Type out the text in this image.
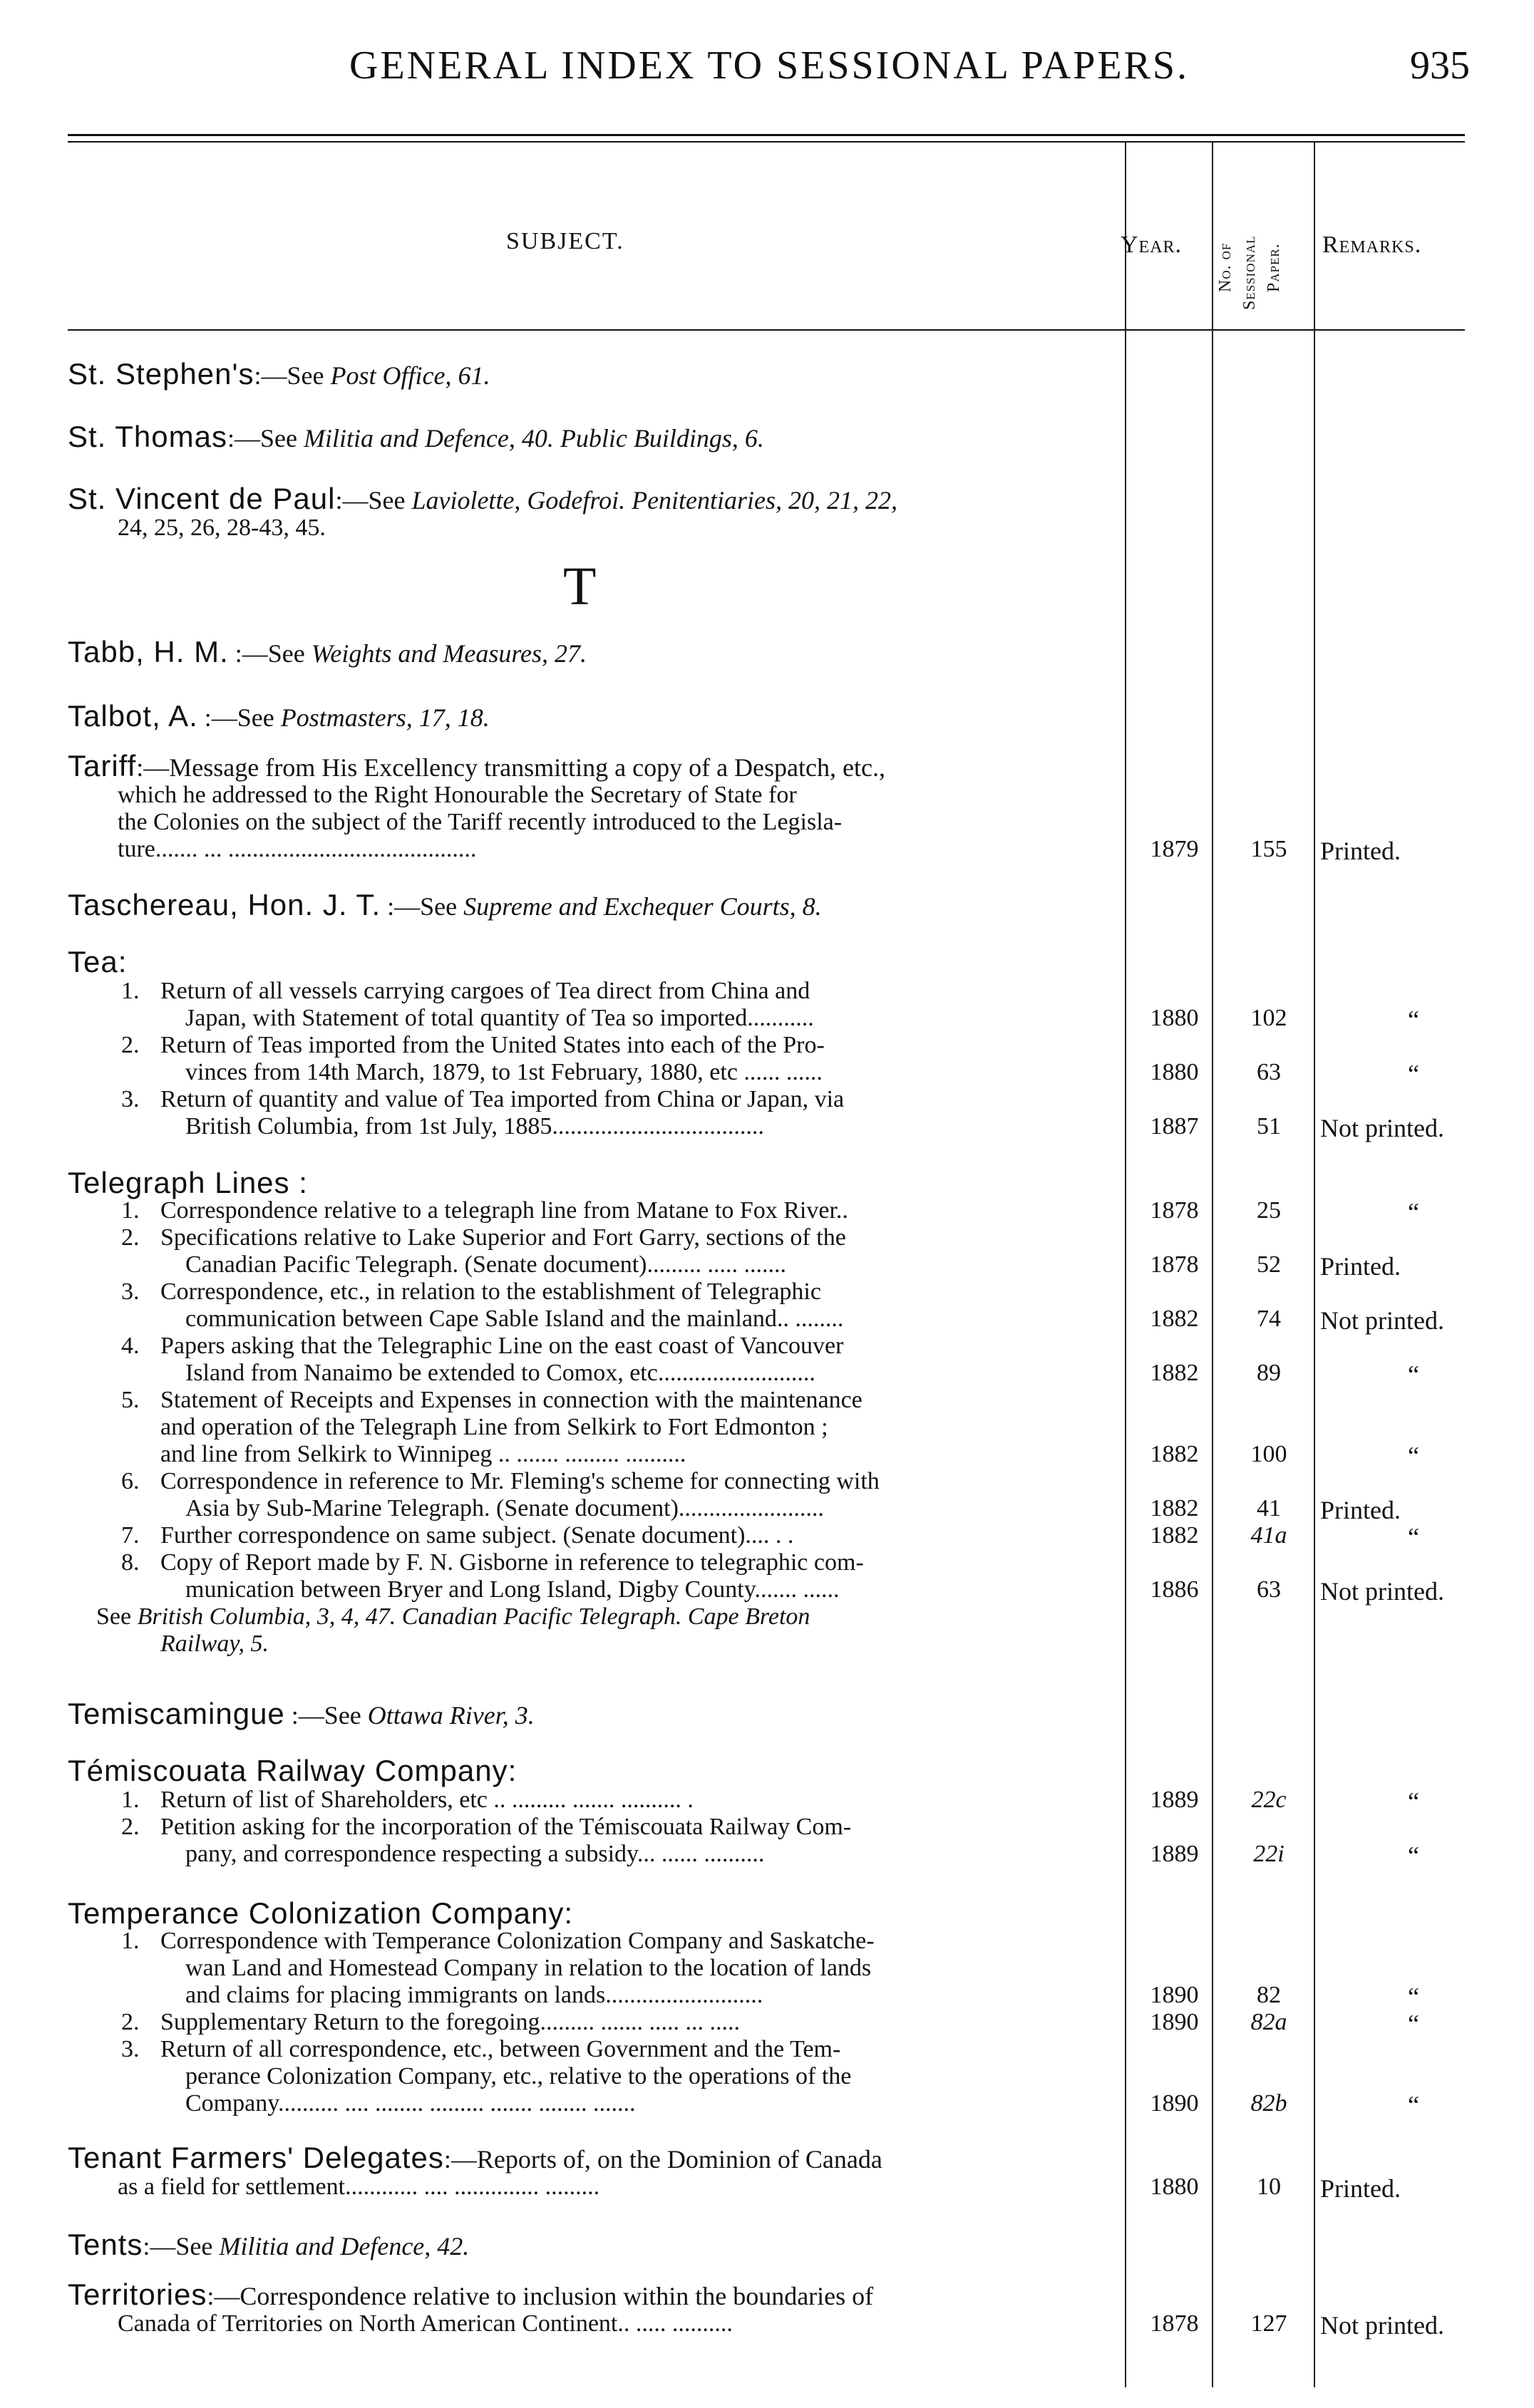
GENERAL INDEX TO SESSIONAL PAPERS.	935
SUBJECT.	Year. No. of Sessional Paper. Remarks.
St. Stephen's:—See Post Office, 61.
St. Thomas:—See Militia and Defence, 40. Public Buildings, 6.
St. Vincent de Paul:—See Laviolette, Godefroi. Penitentiaries, 20, 21, 22,
24, 25, 26, 28-43, 45.
T
Tabb, H. M. :—See Weights and Measures, 27.
Talbot, A. :—See Postmasters, 17, 18.
Tariff:—Message from His Excellency transmitting a copy of a Despatch, etc.,
which he addressed to the Right Honourable the Secretary of State for
the Colonies on the subject of the Tariff recently introduced to the Legisla-
ture....... ... .........................................	1879	155	Printed.
Taschereau, Hon. J. T. :—See Supreme and Exchequer Courts, 8.
Tea:
1. Return of all vessels carrying cargoes of Tea direct from China and
Japan, with Statement of total quantity of Tea so imported...........	1880	102	“
2. Return of Teas imported from the United States into each of the Pro-
vinces from 14th March, 1879, to 1st February, 1880, etc ...... ......	1880	63	“
3. Return of quantity and value of Tea imported from China or Japan, via
British Columbia, from 1st July, 1885...................................	1887	51	Not printed.
Telegraph Lines :
1. Correspondence relative to a telegraph line from Matane to Fox River..	1878	25	“
2. Specifications relative to Lake Superior and Fort Garry, sections of the
Canadian Pacific Telegraph. (Senate document)......... ..... .......	1878	52	Printed.
3. Correspondence, etc., in relation to the establishment of Telegraphic
communication between Cape Sable Island and the mainland.. ........	1882	74	Not printed.
4. Papers asking that the Telegraphic Line on the east coast of Vancouver
Island from Nanaimo be extended to Comox, etc..........................	1882	89	“
5. Statement of Receipts and Expenses in connection with the maintenance
and operation of the Telegraph Line from Selkirk to Fort Edmonton ;
and line from Selkirk to Winnipeg .. ....... ......... ..........	1882	100	“
6. Correspondence in reference to Mr. Fleming's scheme for connecting with
Asia by Sub-Marine Telegraph. (Senate document)........................	1882	41	Printed.
7. Further correspondence on same subject. (Senate document).... . .	1882	41a	“
8. Copy of Report made by F. N. Gisborne in reference to telegraphic com-
munication between Bryer and Long Island, Digby County....... ......	1886	63	Not printed.
See British Columbia, 3, 4, 47. Canadian Pacific Telegraph. Cape Breton
Railway, 5.
Temiscamingue :—See Ottawa River, 3.
Témiscouata Railway Company:
1. Return of list of Shareholders, etc .. ......... ....... .......... .	1889	22c	“
2. Petition asking for the incorporation of the Témiscouata Railway Com-
pany, and correspondence respecting a subsidy... ...... ..........	1889	22i	“
Temperance Colonization Company:
1. Correspondence with Temperance Colonization Company and Saskatche-
wan Land and Homestead Company in relation to the location of lands
and claims for placing immigrants on lands..........................	1890	82	“
2. Supplementary Return to the foregoing......... ....... ..... ... .....	1890	82a	“
3. Return of all correspondence, etc., between Government and the Tem-
perance Colonization Company, etc., relative to the operations of the
Company.......... .... ........ ......... ....... ........ .......	1890	82b	“
Tenant Farmers' Delegates:—Reports of, on the Dominion of Canada
as a field for settlement............ .... .............. .........	1880	10	Printed.
Tents:—See Militia and Defence, 42.
Territories:—Correspondence relative to inclusion within the boundaries of
Canada of Territories on North American Continent.. ..... ..........	1878	127	Not printed.
